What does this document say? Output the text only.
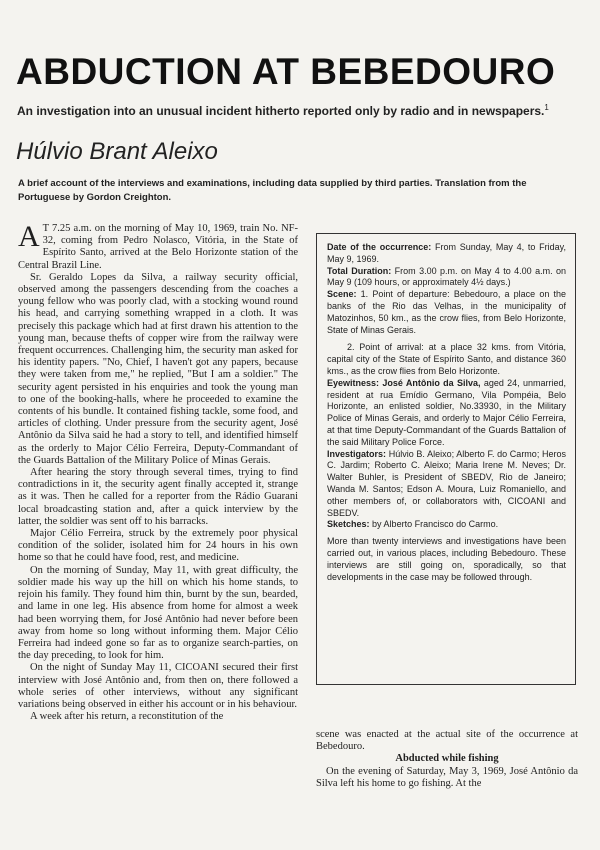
ABDUCTION AT BEBEDOURO
An investigation into an unusual incident hitherto reported only by radio and in newspapers.$^1$
Húlvio Brant Aleixo
A brief account of the interviews and examinations, including data supplied by third parties. Translation from the Portuguese by Gordon Creighton.

A T 7.25 a.m. on the morning of May 10, 1969, train No. NF-32, coming from Pedro Nolasco, Vitória, in the State of Espírito Santo, arrived at the Belo Horizonte station of the Central Brazil Line.

Sr. Geraldo Lopes da Silva, a railway security official, observed among the passengers descending from the coaches a young fellow who was poorly clad, with a stocking wound round his head, and carrying something wrapped in a cloth. It was precisely this package which had at first drawn his attention to the young man, because thefts of copper wire from the railway were frequent occurrences. Challenging him, the security man asked for his identity papers. "No, Chief, I haven't got any papers, because they were taken from me," he replied, "But I am a soldier." The security agent persisted in his enquiries and took the young man to one of the booking-halls, where he proceeded to examine the contents of his bundle. It contained fishing tackle, some food, and articles of clothing. Under pressure from the security agent, José Antônio da Silva said he had a story to tell, and identified himself as the orderly to Major Célio Ferreira, Deputy-Commandant of the Guards Battalion of the Military Police of Minas Gerais.

After hearing the story through several times, trying to find contradictions in it, the security agent finally accepted it, strange as it was. Then he called for a reporter from the Rádio Guarani local broadcasting station and, after a quick interview by the latter, the soldier was sent off to his barracks.

Major Célio Ferreira, struck by the extremely poor physical condition of the solider, isolated him for 24 hours in his own home so that he could have food, rest, and medicine.

On the morning of Sunday, May 11, with great difficulty, the soldier made his way up the hill on which his home stands, to rejoin his family. They found him thin, burnt by the sun, bearded, and lame in one leg. His absence from home for almost a week had been worrying them, for José Antônio had never before been away from home so long without informing them. Major Célio Ferreira had indeed gone so far as to organize search-parties, on the day preceding, to look for him.

On the night of Sunday May 11, CICOANI secured their first interview with José Antônio and, from then on, there followed a whole series of other interviews, without any significant variations being observed in either his account or in his behaviour.

A week after his return, a reconstitution of the

Date of the occurrence: From Sunday, May 4, to Friday, May 9, 1969.

Total Duration: From 3.00 p.m. on May 4 to 4.00 a.m. on May 9 (109 hours, or approximately 4½ days.)

Scene: 1. Point of departure: Bebedouro, a place on the banks of the Rio das Velhas, in the municipality of Matozinhos, 50 km., as the crow flies, from Belo Horizonte, State of Minas Gerais.

2. Point of arrival: at a place 32 kms. from Vitória, capital city of the State of Espírito Santo, and distance 360 kms., as the crow flies from Belo Horizonte.

Eyewitness: José Antônio da Silva, aged 24, unmarried, resident at rua Emídio Germano, Vila Pompéia, Belo Horizonte, an enlisted soldier, No.33930, in the Military Police of Minas Gerais, and orderly to Major Célio Ferreira, at that time Deputy-Commandant of the Guards Battalion of the said Military Police Force.

Investigators: Húlvio B. Aleixo; Alberto F. do Carmo; Heros C. Jardim; Roberto C. Aleixo; Maria Irene M. Neves; Dr. Walter Buhler, is President of SBEDV, Rio de Janeiro; Wanda M. Santos; Edson A. Moura, Luiz Romaniello, and other members of, or collaborators with, CICOANI and SBEDV.

Sketches: by Alberto Francisco do Carmo.

More than twenty interviews and investigations have been carried out, in various places, including Bebedouro. These interviews are still going on, sporadically, so that developments in the case may be followed through.

scene was enacted at the actual site of the occurrence at Bebedouro.

Abducted while fishing

On the evening of Saturday, May 3, 1969, José Antônio da Silva left his home to go fishing. At the
